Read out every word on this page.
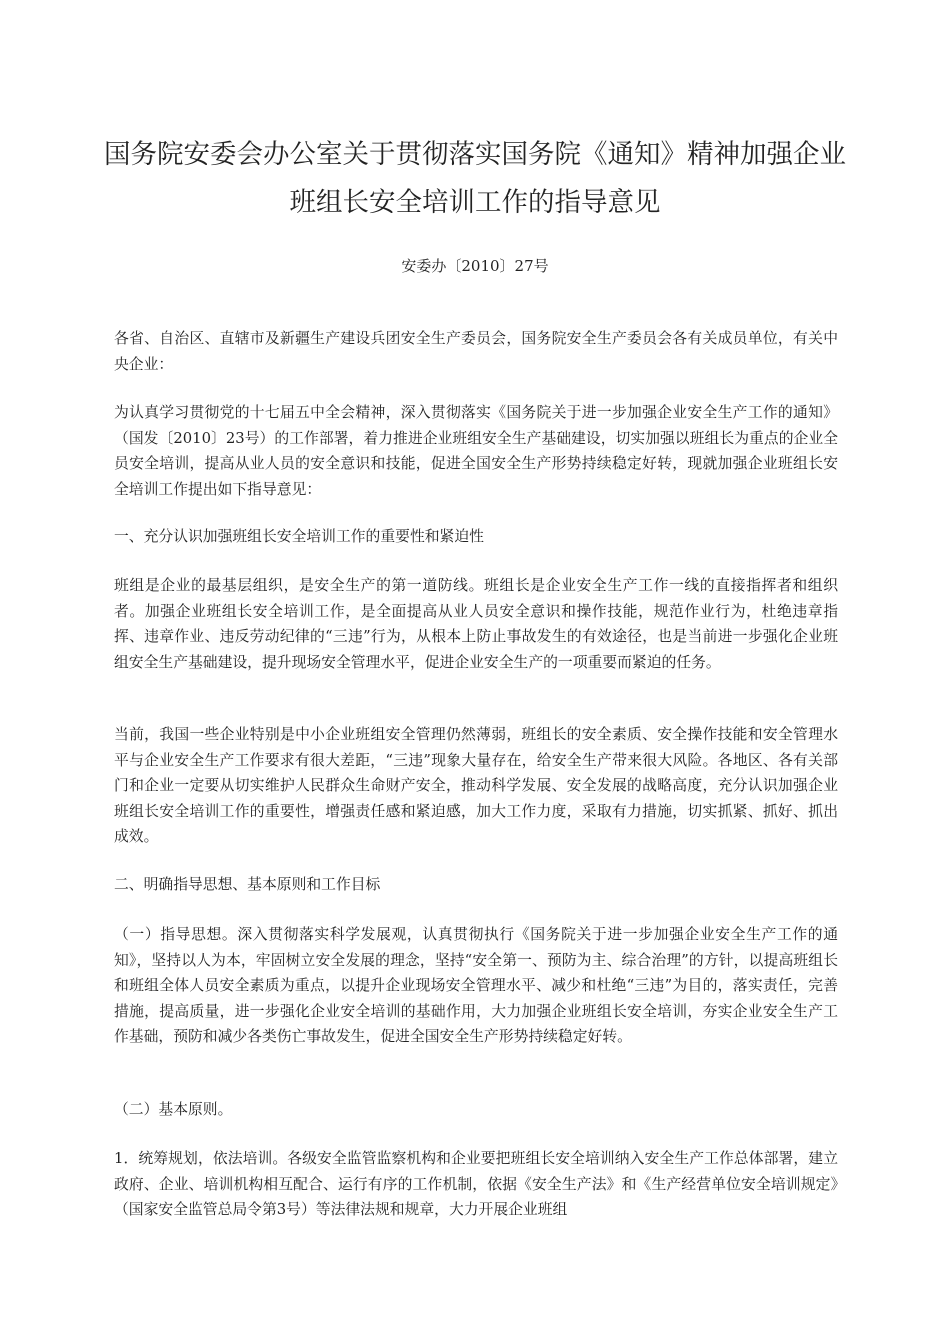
国务院安委会办公室关于贯彻落实国务院《通知》精神加强企业班组长安全培训工作的指导意见

安委办〔2010〕27号

各省、自治区、直辖市及新疆生产建设兵团安全生产委员会，国务院安全生产委员会各有关成员单位，有关中央企业：

为认真学习贯彻党的十七届五中全会精神，深入贯彻落实《国务院关于进一步加强企业安全生产工作的通知》（国发〔2010〕23号）的工作部署，着力推进企业班组安全生产基础建设，切实加强以班组长为重点的企业全员安全培训，提高从业人员的安全意识和技能，促进全国安全生产形势持续稳定好转，现就加强企业班组长安全培训工作提出如下指导意见：

一、充分认识加强班组长安全培训工作的重要性和紧迫性

班组是企业的最基层组织，是安全生产的第一道防线。班组长是企业安全生产工作一线的直接指挥者和组织者。加强企业班组长安全培训工作，是全面提高从业人员安全意识和操作技能，规范作业行为，杜绝违章指挥、违章作业、违反劳动纪律的“三违”行为，从根本上防止事故发生的有效途径，也是当前进一步强化企业班组安全生产基础建设，提升现场安全管理水平，促进企业安全生产的一项重要而紧迫的任务。

当前，我国一些企业特别是中小企业班组安全管理仍然薄弱，班组长的安全素质、安全操作技能和安全管理水平与企业安全生产工作要求有很大差距，“三违”现象大量存在，给安全生产带来很大风险。各地区、各有关部门和企业一定要从切实维护人民群众生命财产安全，推动科学发展、安全发展的战略高度，充分认识加强企业班组长安全培训工作的重要性，增强责任感和紧迫感，加大工作力度，采取有力措施，切实抓紧、抓好、抓出成效。

二、明确指导思想、基本原则和工作目标

（一）指导思想。深入贯彻落实科学发展观，认真贯彻执行《国务院关于进一步加强企业安全生产工作的通知》，坚持以人为本，牢固树立安全发展的理念，坚持“安全第一、预防为主、综合治理”的方针，以提高班组长和班组全体人员安全素质为重点，以提升企业现场安全管理水平、减少和杜绝“三违”为目的，落实责任，完善措施，提高质量，进一步强化企业安全培训的基础作用，大力加强企业班组长安全培训，夯实企业安全生产工作基础，预防和减少各类伤亡事故发生，促进全国安全生产形势持续稳定好转。

（二）基本原则。

1．统筹规划，依法培训。各级安全监管监察机构和企业要把班组长安全培训纳入安全生产工作总体部署，建立政府、企业、培训机构相互配合、运行有序的工作机制，依据《安全生产法》和《生产经营单位安全培训规定》（国家安全监管总局令第3号）等法律法规和规章，大力开展企业班组
